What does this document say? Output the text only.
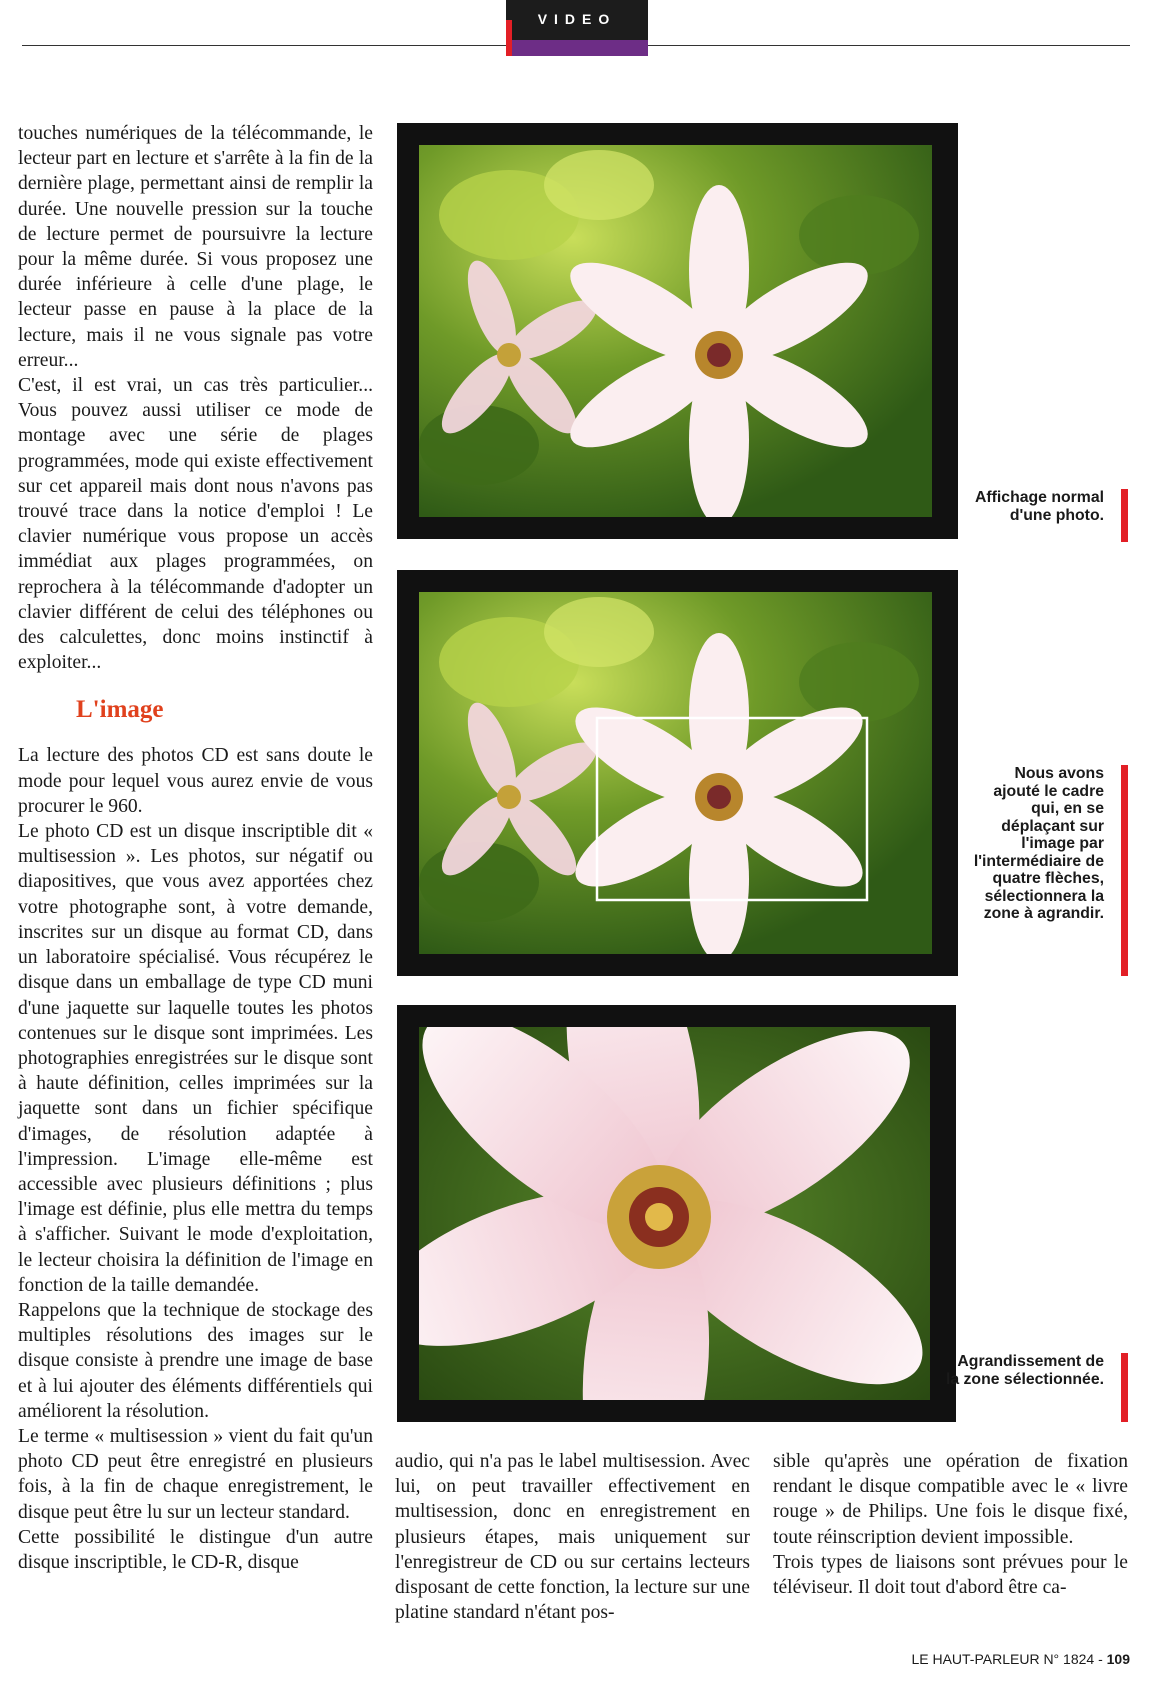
VIDEO

touches numériques de la télécommande, le lecteur part en lecture et s'arrête à la fin de la dernière plage, permettant ainsi de remplir la durée. Une nouvelle pression sur la touche de lecture permet de poursuivre la lecture pour la même durée. Si vous proposez une durée inférieure à celle d'une plage, le lecteur passe en pause à la place de la lecture, mais il ne vous signale pas votre erreur...

C'est, il est vrai, un cas très particulier... Vous pouvez aussi utiliser ce mode de montage avec une série de plages programmées, mode qui existe effectivement sur cet appareil mais dont nous n'avons pas trouvé trace dans la notice d'emploi ! Le clavier numérique vous propose un accès immédiat aux plages programmées, on reprochera à la télécommande d'adopter un clavier différent de celui des téléphones ou des calculettes, donc moins instinctif à exploiter...

L'image

La lecture des photos CD est sans doute le mode pour lequel vous aurez envie de vous procurer le 960.

Le photo CD est un disque inscriptible dit « multisession ». Les photos, sur négatif ou diapositives, que vous avez apportées chez votre photographe sont, à votre demande, inscrites sur un disque au format CD, dans un laboratoire spécialisé. Vous récupérez le disque dans un emballage de type CD muni d'une jaquette sur laquelle toutes les photos contenues sur le disque sont imprimées. Les photographies enregistrées sur le disque sont à haute définition, celles imprimées sur la jaquette sont dans un fichier spécifique d'images, de résolution adaptée à l'impression. L'image elle-même est accessible avec plusieurs définitions ; plus l'image est définie, plus elle mettra du temps à s'afficher. Suivant le mode d'exploitation, le lecteur choisira la définition de l'image en fonction de la taille demandée.

Rappelons que la technique de stockage des multiples résolutions des images sur le disque consiste à prendre une image de base et à lui ajouter des éléments différentiels qui améliorent la résolution.

Le terme « multisession » vient du fait qu'un photo CD peut être enregistré en plusieurs fois, à la fin de chaque enregistrement, le disque peut être lu sur un lecteur standard.

Cette possibilité le distingue d'un autre disque inscriptible, le CD-R, disque

audio, qui n'a pas le label multisession. Avec lui, on peut travailler effectivement en multisession, donc en enregistrement en plusieurs étapes, mais uniquement sur l'enregistreur de CD ou sur certains lecteurs disposant de cette fonction, la lecture sur une platine standard n'étant pos-

sible qu'après une opération de fixation rendant le disque compatible avec le « livre rouge » de Philips. Une fois le disque fixé, toute réinscription devient impossible.

Trois types de liaisons sont prévues pour le téléviseur. Il doit tout d'abord être ca-

Affichage normal d'une photo.
Nous avons ajouté le cadre qui, en se déplaçant sur l'image par l'intermédiaire de quatre flèches, sélectionnera la zone à agrandir.
Agrandissement de la zone sélectionnée.
LE HAUT-PARLEUR N° 1824 - 109
